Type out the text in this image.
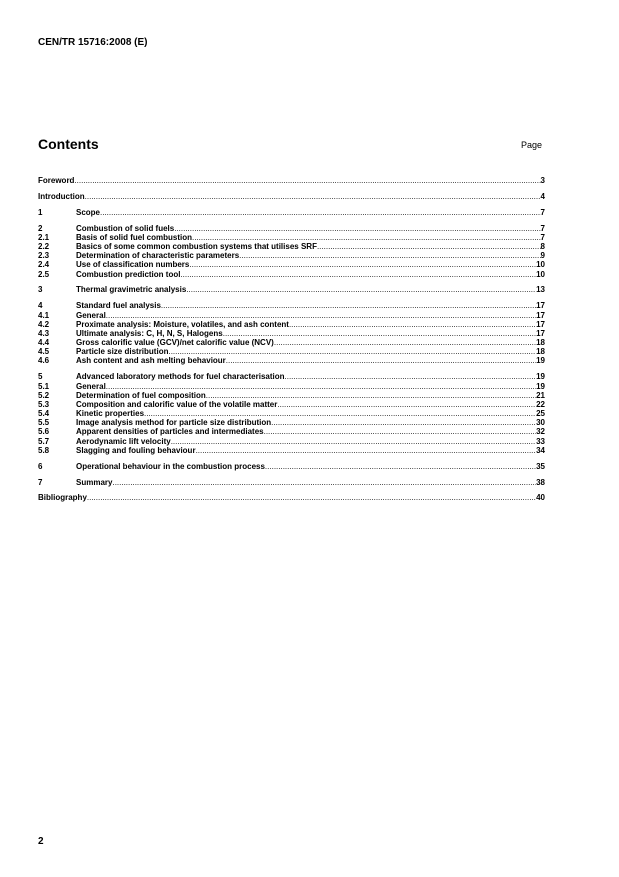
CEN/TR 15716:2008 (E)
Contents	Page
Foreword .....	3
Introduction .....	4
1	Scope .....	7
2	Combustion of solid fuels .....	7
2.1	Basis of solid fuel combustion .....	7
2.2	Basics of some common combustion systems that utilises SRF .....	8
2.3	Determination of characteristic parameters .....	9
2.4	Use of classification numbers .....	10
2.5	Combustion prediction tool .....	10
3	Thermal gravimetric analysis .....	13
4	Standard fuel analysis .....	17
4.1	General .....	17
4.2	Proximate analysis: Moisture, volatiles, and ash content .....	17
4.3	Ultimate analysis: C, H, N, S, Halogens .....	17
4.4	Gross calorific value (GCV)/net calorific value (NCV) .....	18
4.5	Particle size distribution .....	18
4.6	Ash content and ash melting behaviour .....	19
5	Advanced laboratory methods for fuel characterisation .....	19
5.1	General .....	19
5.2	Determination of fuel composition .....	21
5.3	Composition and calorific value of the volatile matter .....	22
5.4	Kinetic properties .....	25
5.5	Image analysis method for particle size distribution .....	30
5.6	Apparent densities of particles and intermediates .....	32
5.7	Aerodynamic lift velocity .....	33
5.8	Slagging and fouling behaviour .....	34
6	Operational behaviour in the combustion process .....	35
7	Summary .....	38
Bibliography .....	40
2
